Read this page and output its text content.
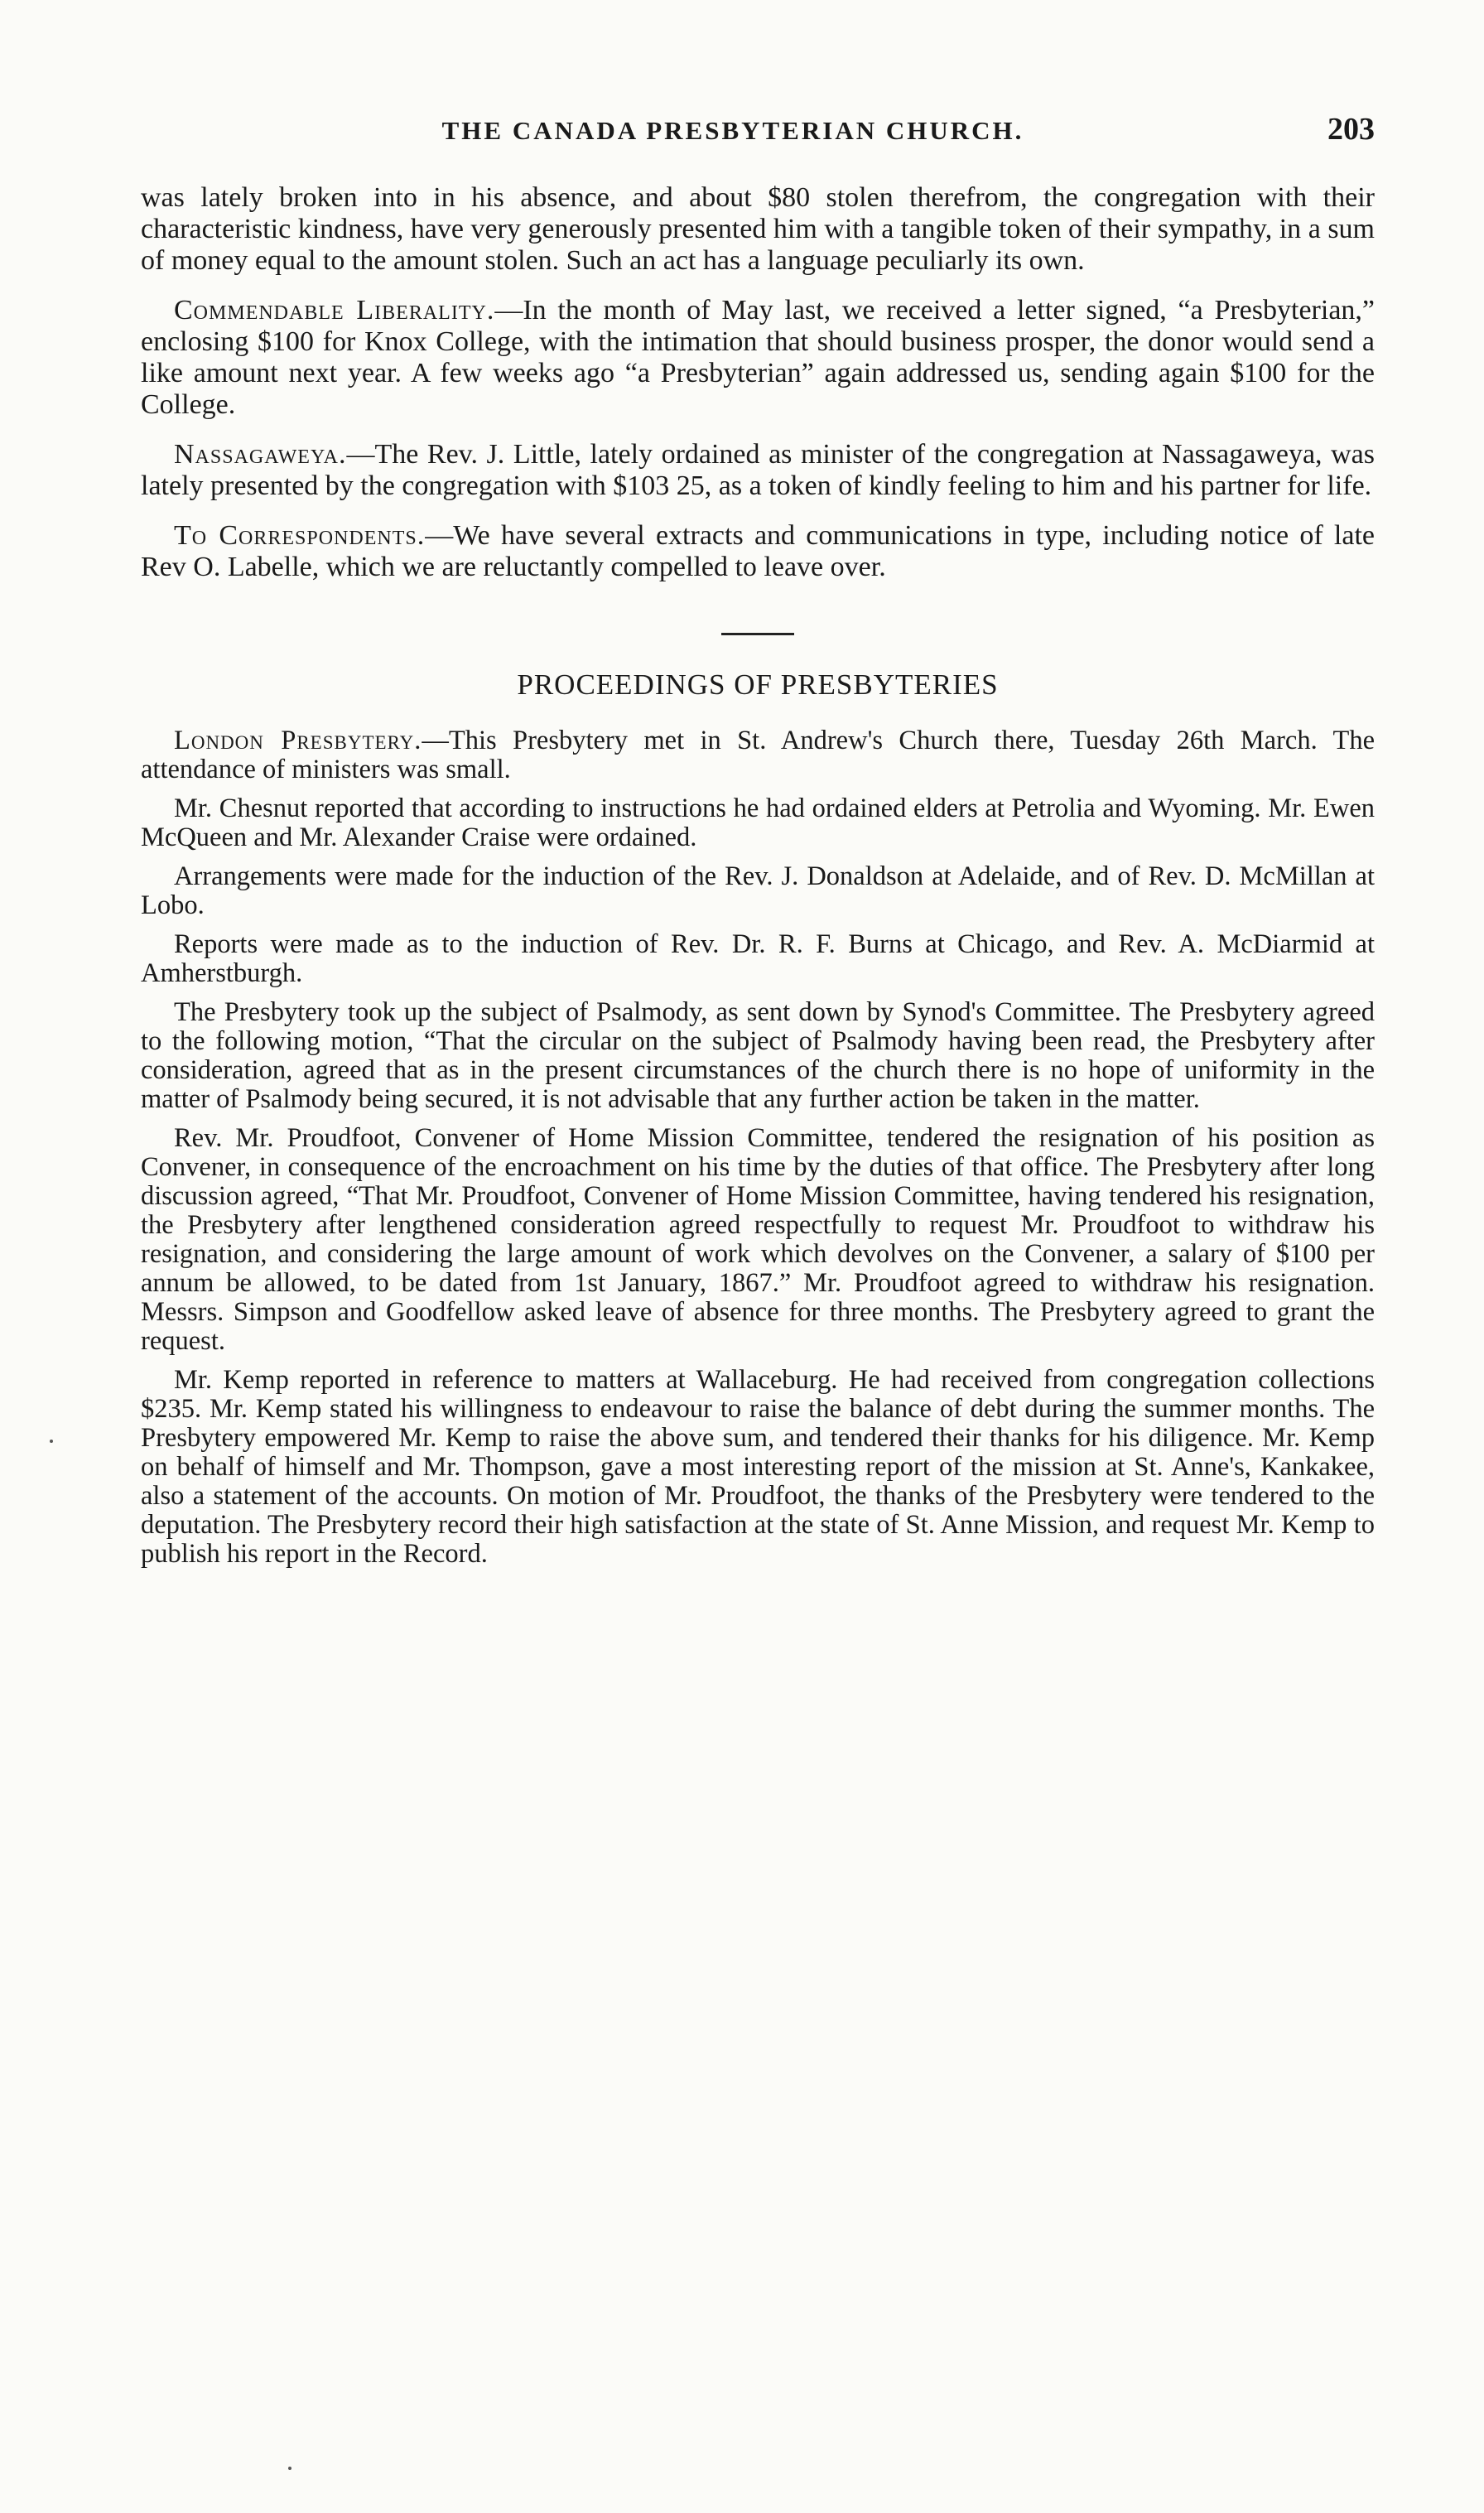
THE CANADA PRESBYTERIAN CHURCH.	203

was lately broken into in his absence, and about $80 stolen therefrom, the congregation with their characteristic kindness, have very generously presented him with a tangible token of their sympathy, in a sum of money equal to the amount stolen. Such an act has a language peculiarly its own.

Commendable Liberality.—In the month of May last, we received a letter signed, “a Presbyterian,” enclosing $100 for Knox College, with the intimation that should business prosper, the donor would send a like amount next year. A few weeks ago “a Presbyterian” again addressed us, sending again $100 for the College.

Nassagaweya.—The Rev. J. Little, lately ordained as minister of the congregation at Nassagaweya, was lately presented by the congregation with $103 25, as a token of kindly feeling to him and his partner for life.

To Correspondents.—We have several extracts and communications in type, including notice of late Rev O. Labelle, which we are reluctantly compelled to leave over.

PROCEEDINGS OF PRESBYTERIES

London Presbytery.—This Presbytery met in St. Andrew's Church there, Tuesday 26th March. The attendance of ministers was small.

Mr. Chesnut reported that according to instructions he had ordained elders at Petrolia and Wyoming. Mr. Ewen McQueen and Mr. Alexander Craise were ordained.

Arrangements were made for the induction of the Rev. J. Donaldson at Adelaide, and of Rev. D. McMillan at Lobo.

Reports were made as to the induction of Rev. Dr. R. F. Burns at Chicago, and Rev. A. McDiarmid at Amherstburgh.

The Presbytery took up the subject of Psalmody, as sent down by Synod's Committee. The Presbytery agreed to the following motion, “That the circular on the subject of Psalmody having been read, the Presbytery after consideration, agreed that as in the present circumstances of the church there is no hope of uniformity in the matter of Psalmody being secured, it is not advisable that any further action be taken in the matter.

Rev. Mr. Proudfoot, Convener of Home Mission Committee, tendered the resignation of his position as Convener, in consequence of the encroachment on his time by the duties of that office. The Presbytery after long discussion agreed, “That Mr. Proudfoot, Convener of Home Mission Committee, having tendered his resignation, the Presbytery after lengthened consideration agreed respectfully to request Mr. Proudfoot to withdraw his resignation, and considering the large amount of work which devolves on the Convener, a salary of $100 per annum be allowed, to be dated from 1st January, 1867.” Mr. Proudfoot agreed to withdraw his resignation. Messrs. Simpson and Goodfellow asked leave of absence for three months. The Presbytery agreed to grant the request.

Mr. Kemp reported in reference to matters at Wallaceburg. He had received from congregation collections $235. Mr. Kemp stated his willingness to endeavour to raise the balance of debt during the summer months. The Presbytery empowered Mr. Kemp to raise the above sum, and tendered their thanks for his diligence. Mr. Kemp on behalf of himself and Mr. Thompson, gave a most interesting report of the mission at St. Anne's, Kankakee, also a statement of the accounts. On motion of Mr. Proudfoot, the thanks of the Presbytery were tendered to the deputation. The Presbytery record their high satisfaction at the state of St. Anne Mission, and request Mr. Kemp to publish his report in the Record.
